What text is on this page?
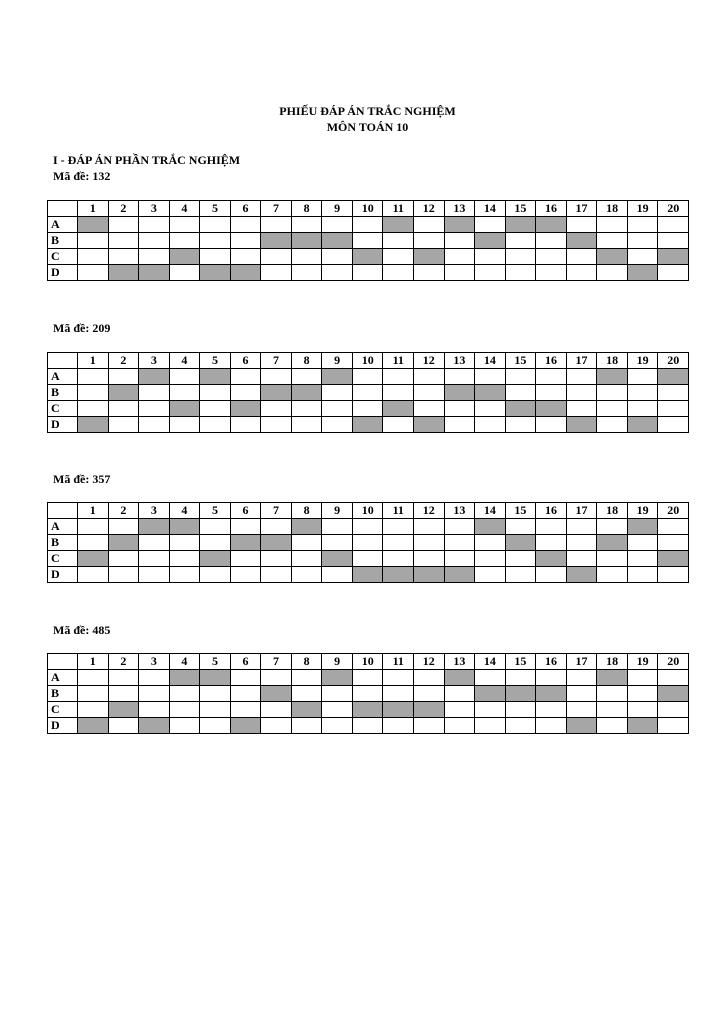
PHIẾU ĐÁP ÁN TRẮC NGHIỆM
MÔN TOÁN 10
I - ĐÁP ÁN PHẦN TRẮC NGHIỆM
Mã đề: 132
	1	2	3	4	5	6	7	8	9	10	11	12	13	14	15	16	17	18	19	20
A																				
B																				
C																				
D																				
Mã đề: 209
	1	2	3	4	5	6	7	8	9	10	11	12	13	14	15	16	17	18	19	20
A																				
B																				
C																				
D																				
Mã đề: 357
	1	2	3	4	5	6	7	8	9	10	11	12	13	14	15	16	17	18	19	20
A																				
B																				
C																				
D																				
Mã đề: 485
	1	2	3	4	5	6	7	8	9	10	11	12	13	14	15	16	17	18	19	20
A																				
B																				
C																				
D																				
